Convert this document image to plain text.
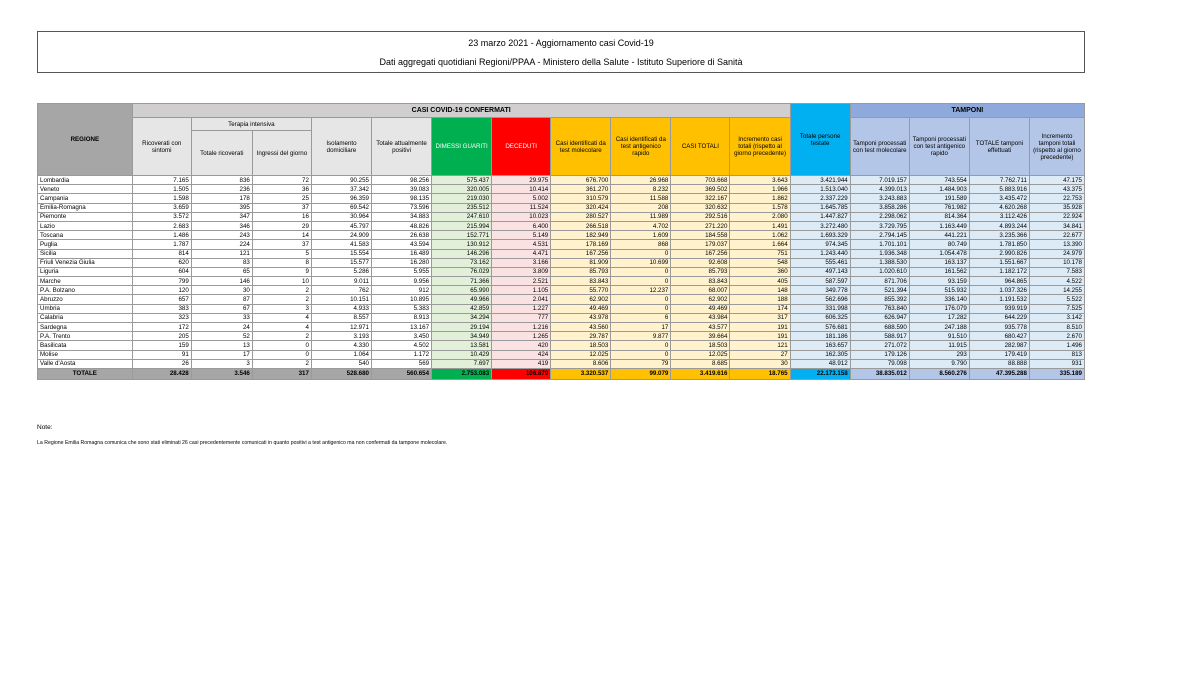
23 marzo 2021 - Aggiornamento casi Covid-19
Dati aggregati quotidiani Regioni/PPAA - Ministero della Salute - Istituto Superiore di Sanità
REGIONE	CASI COVID-19 CONFERMATI											Totale persone testate	TAMPONI			
	Ricoverati con sintomi	Terapia intensiva		Isolamento domiciliare	Totale attualmente positivi	DIMESSI GUARITI	DECEDUTI	Casi identificati da test molecolare	Casi identificati da test antigenico rapido	CASI TOTALI	Incremento casi totali (rispetto al giorno precedente)		Tamponi processati con test molecolare	Tamponi processati con test antigenico rapido	TOTALE tamponi effettuati	Incremento tamponi totali (rispetto al giorno precedente)
		Totale ricoverati	Ingressi del giorno													
Lombardia	7.165	836	72	90.255	98.256	575.437	29.975	676.700	26.968	703.668	3.643	3.421.944	7.019.157	743.554	7.762.711	47.175
Veneto	1.505	236	36	37.342	39.083	320.005	10.414	361.270	8.232	369.502	1.966	1.513.040	4.399.013	1.484.903	5.883.916	43.375
Campania	1.598	178	25	96.359	98.135	219.030	5.002	310.579	11.588	322.167	1.862	2.337.229	3.243.883	191.589	3.435.472	22.753
Emilia-Romagna	3.659	395	37	69.542	73.596	235.512	11.524	320.424	208	320.632	1.578	1.645.785	3.858.286	761.982	4.620.268	35.928
Piemonte	3.572	347	16	30.964	34.883	247.610	10.023	280.527	11.989	292.516	2.080	1.447.827	2.298.062	814.364	3.112.426	22.924
Lazio	2.683	346	29	45.797	48.826	215.994	6.400	266.518	4.702	271.220	1.491	3.272.480	3.729.795	1.163.449	4.893.244	34.841
Toscana	1.486	243	14	24.909	26.638	152.771	5.149	182.949	1.609	184.558	1.062	1.693.329	2.794.145	441.221	3.235.366	22.677
Puglia	1.787	224	37	41.583	43.594	130.912	4.531	178.169	868	179.037	1.664	974.345	1.701.101	80.749	1.781.850	13.390
Sicilia	814	121	5	15.554	16.489	146.296	4.471	167.256	0	167.256	751	1.243.440	1.936.348	1.054.478	2.990.826	24.979
Friuli Venezia Giulia	620	83	8	15.577	16.280	73.162	3.166	81.909	10.699	92.608	548	555.461	1.388.530	163.137	1.551.667	10.178
Liguria	604	65	9	5.286	5.955	76.029	3.809	85.793	0	85.793	360	497.143	1.020.610	161.562	1.182.172	7.583
Marche	799	146	10	9.011	9.956	71.366	2.521	83.843	0	83.843	405	587.597	871.706	93.159	964.865	4.522
P.A. Bolzano	120	30	2	762	912	65.990	1.105	55.770	12.237	68.007	148	349.778	521.394	515.932	1.037.326	14.255
Abruzzo	657	87	2	10.151	10.895	49.966	2.041	62.902	0	62.902	188	562.696	855.392	336.140	1.191.532	5.522
Umbria	383	67	3	4.933	5.383	42.859	1.227	49.469	0	49.469	174	331.998	763.840	176.079	939.919	7.525
Calabria	323	33	4	8.557	8.913	34.294	777	43.978	6	43.984	317	606.325	626.947	17.282	644.229	3.142
Sardegna	172	24	4	12.971	13.167	29.194	1.216	43.560	17	43.577	191	576.681	688.590	247.188	935.778	8.510
P.A. Trento	205	52	2	3.193	3.450	34.949	1.265	29.787	9.877	39.664	191	181.186	588.917	91.510	680.427	2.670
Basilicata	159	13	0	4.330	4.502	13.581	420	18.503	0	18.503	121	163.657	271.072	11.915	282.987	1.496
Molise	91	17	0	1.064	1.172	10.429	424	12.025	0	12.025	27	162.305	179.126	293	179.419	813
Valle d'Aosta	26	3	2	540	569	7.697	419	8.606	79	8.685	30	48.912	79.098	9.790	88.888	931
TOTALE	28.428	3.546	317	528.680	560.654	2.753.083	106.879	3.320.537	99.079	3.419.616	18.765	22.173.158	38.835.012	8.560.276	47.395.288	335.189
Note:
La Regione Emilia Romagna comunica che sono stati eliminati 26 casi precedentemente comunicati in quanto positivi a test antigenico ma non confermati da tampone molecolare.
